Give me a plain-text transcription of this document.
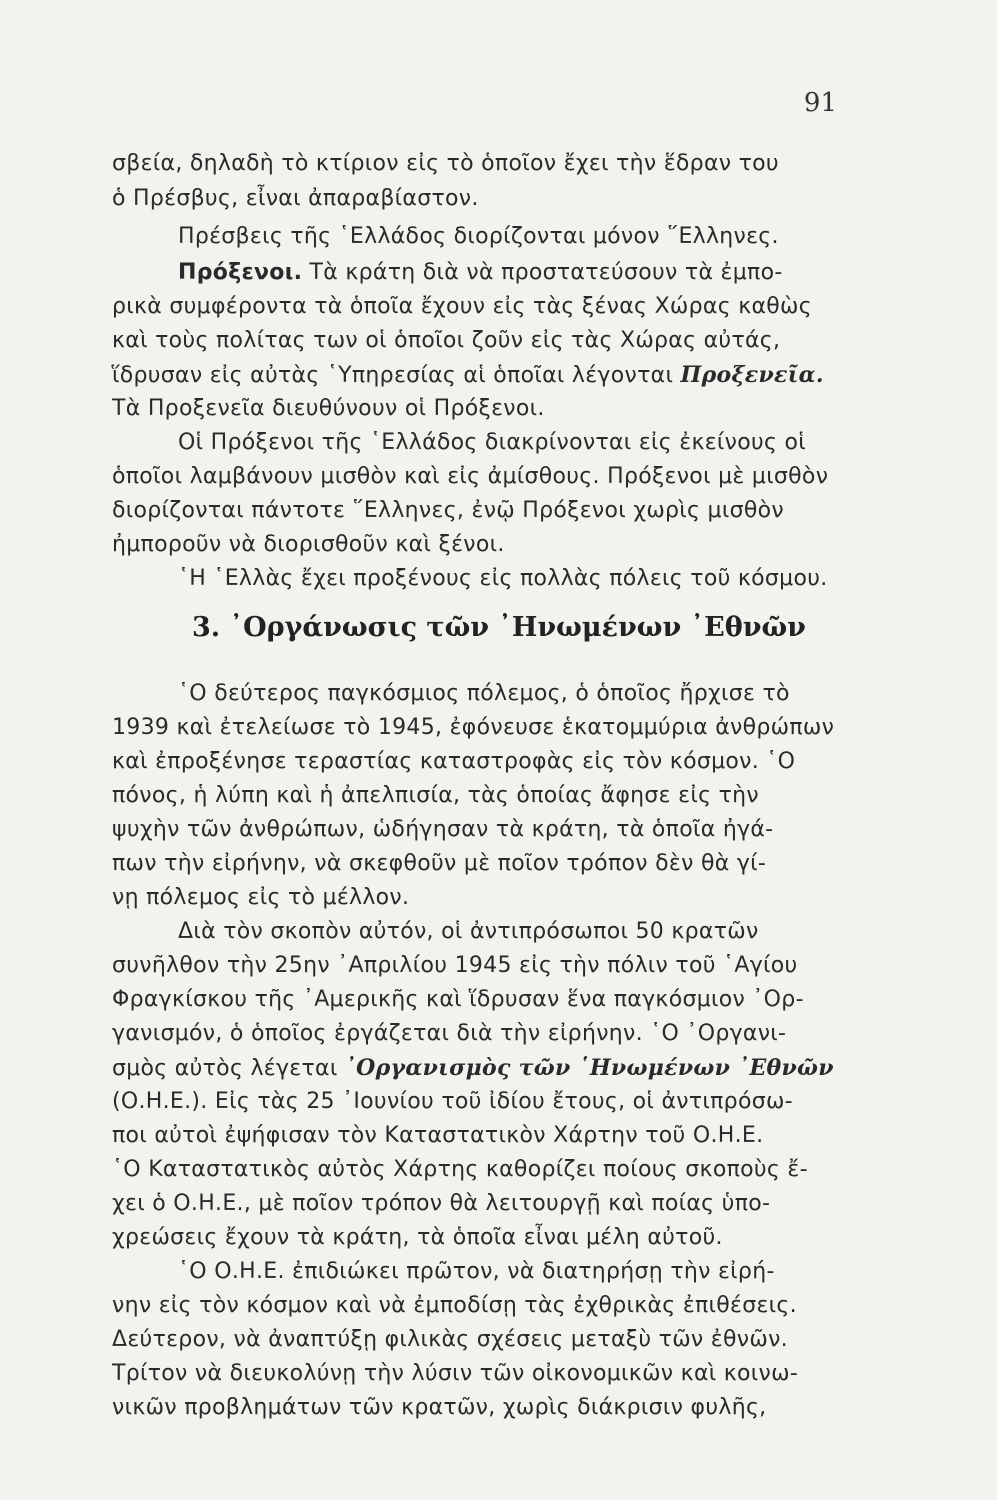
91
σβεία, δηλαδὴ τὸ κτίριον εἰς τὸ ὁποῖον ἔχει τὴν ἕδραν του
ὁ Πρέσβυς, εἶναι ἀπαραβίαστον.
Πρέσβεις τῆς ῾Ελλάδος διορίζονται μόνον ῞Ελληνες.
Πρόξενοι. Τὰ κράτη διὰ νὰ προστατεύσουν τὰ ἐμπο-
ρικὰ συμφέροντα τὰ ὁποῖα ἔχουν εἰς τὰς ξένας Χώρας καθὼς
καὶ τοὺς πολίτας των οἱ ὁποῖοι ζοῦν εἰς τὰς Χώρας αὐτάς,
ἵδρυσαν εἰς αὐτὰς ῾Υπηρεσίας αἱ ὁποῖαι λέγονται Προξενεῖα.
Τὰ Προξενεῖα διευθύνουν οἱ Πρόξενοι.
Οἱ Πρόξενοι τῆς ῾Ελλάδος διακρίνονται εἰς ἐκείνους οἱ
ὁποῖοι λαμβάνουν μισθὸν καὶ εἰς ἀμίσθους. Πρόξενοι μὲ μισθὸν
διορίζονται πάντοτε ῞Ελληνες, ἐνῷ Πρόξενοι χωρὶς μισθὸν
ἠμποροῦν νὰ διορισθοῦν καὶ ξένοι.
῾Η ῾Ελλὰς ἔχει προξένους εἰς πολλὰς πόλεις τοῦ κόσμου.
3. ᾿Οργάνωσις τῶν ᾿Ηνωμένων ᾿Εθνῶν
῾Ο δεύτερος παγκόσμιος πόλεμος, ὁ ὁποῖος ἤρχισε τὸ
1939 καὶ ἐτελείωσε τὸ 1945, ἐφόνευσε ἑκατομμύρια ἀνθρώπων
καὶ ἐπροξένησε τεραστίας καταστροφὰς εἰς τὸν κόσμον. ῾Ο
πόνος, ἡ λύπη καὶ ἡ ἀπελπισία, τὰς ὁποίας ἄφησε εἰς τὴν
ψυχὴν τῶν ἀνθρώπων, ὡδήγησαν τὰ κράτη, τὰ ὁποῖα ἠγά-
πων τὴν εἰρήνην, νὰ σκεφθοῦν μὲ ποῖον τρόπον δὲν θὰ γί-
νῃ πόλεμος εἰς τὸ μέλλον.
Διὰ τὸν σκοπὸν αὐτόν, οἱ ἀντιπρόσωποι 50 κρατῶν
συνῆλθον τὴν 25ην ᾿Απριλίου 1945 εἰς τὴν πόλιν τοῦ ῾Αγίου
Φραγκίσκου τῆς ᾿Αμερικῆς καὶ ἵδρυσαν ἕνα παγκόσμιον ᾿Ορ-
γανισμόν, ὁ ὁποῖος ἐργάζεται διὰ τὴν εἰρήνην. ῾Ο ᾿Οργανι-
σμὸς αὐτὸς λέγεται ᾿Οργανισμὸς τῶν ῾Ηνωμένων ᾿Εθνῶν
(Ο.Η.Ε.). Εἰς τὰς 25 ᾿Ιουνίου τοῦ ἰδίου ἔτους, οἱ ἀντιπρόσω-
ποι αὐτοὶ ἐψήφισαν τὸν Καταστατικὸν Χάρτην τοῦ Ο.Η.Ε.
῾Ο Καταστατικὸς αὐτὸς Χάρτης καθορίζει ποίους σκοποὺς ἔ-
χει ὁ Ο.Η.Ε., μὲ ποῖον τρόπον θὰ λειτουργῇ καὶ ποίας ὑπο-
χρεώσεις ἔχουν τὰ κράτη, τὰ ὁποῖα εἶναι μέλη αὐτοῦ.
῾Ο Ο.Η.Ε. ἐπιδιώκει πρῶτον, νὰ διατηρήσῃ τὴν εἰρή-
νην εἰς τὸν κόσμον καὶ νὰ ἐμποδίσῃ τὰς ἐχθρικὰς ἐπιθέσεις.
Δεύτερον, νὰ ἀναπτύξῃ φιλικὰς σχέσεις μεταξὺ τῶν ἐθνῶν.
Τρίτον νὰ διευκολύνῃ τὴν λύσιν τῶν οἰκονομικῶν καὶ κοινω-
νικῶν προβλημάτων τῶν κρατῶν, χωρὶς διάκρισιν φυλῆς,
